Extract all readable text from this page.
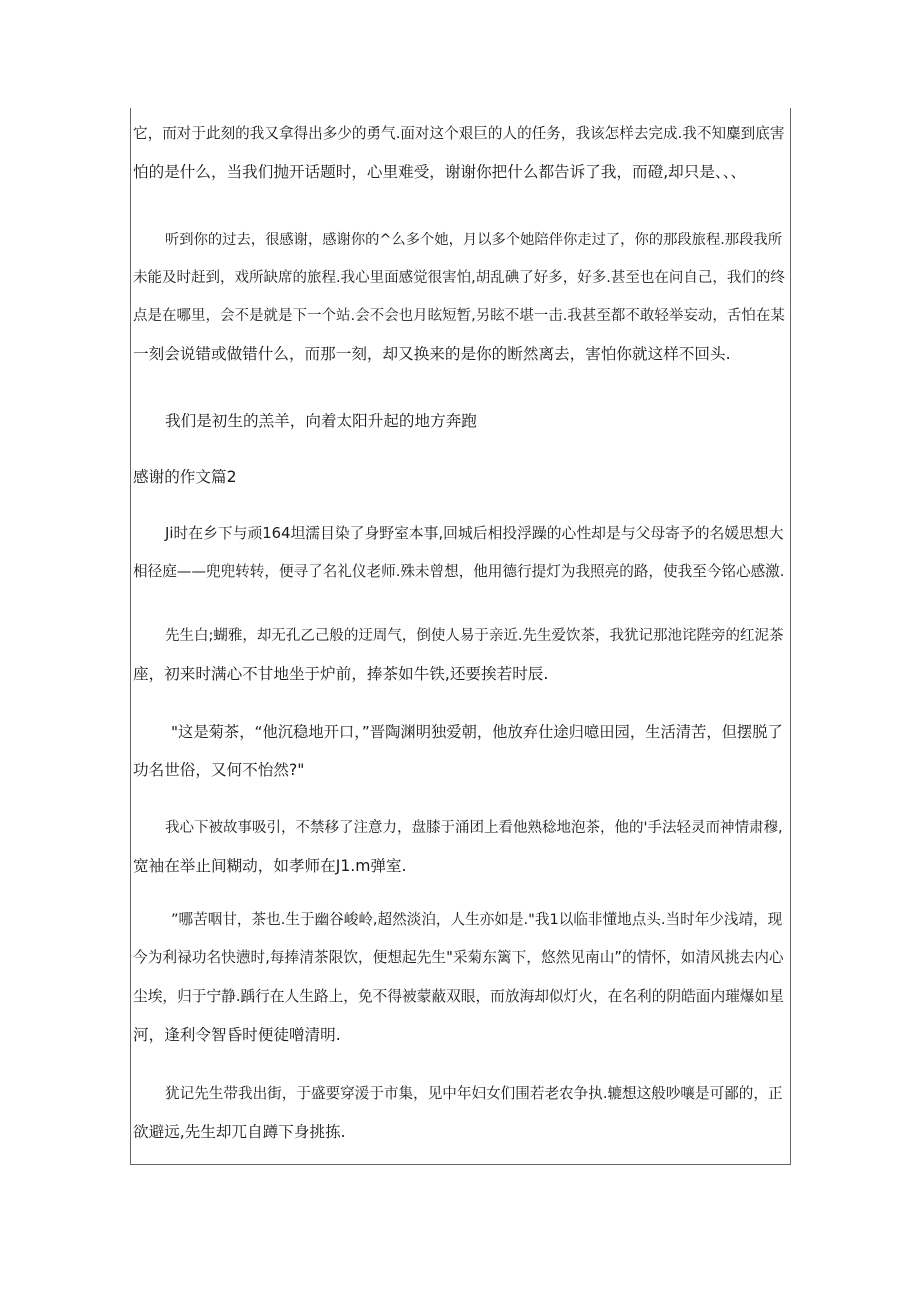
它，而对于此刻的我又拿得出多少的勇气.面对这个艰巨的人的任务，我该怎样去完成.我不知麋到底害
怕的是什么，当我们抛开话题时，心里难受，谢谢你把什么都告诉了我，而磴,却只是、、、
听到你的过去，很感谢，感谢你的^么多个她，月以多个她陪伴你走过了，你的那段旅程.那段我所
未能及时赶到，戏所缺席的旅程.我心里面感觉很害怕,胡乱碘了好多，好多.甚至也在问自己，我们的终
点是在哪里，会不是就是下一个站.会不会也月眩短暂,另眩不堪一击.我甚至都不敢轻举妄动，舌怕在某
一刻会说错或做错什么，而那一刻，却又换来的是你的断然离去，害怕你就这样不回头.
我们是初生的羔羊，向着太阳升起的地方奔跑
感谢的作文篇2
Ji时在乡下与顽164坦濡目染了身野室本事,回城后相投浮躁的心性却是与父母寄予的名媛思想大
相径庭——兜兜转转，便寻了名礼仪老师.殊未曾想，他用德行提灯为我照亮的路，使我至今铭心感激.
先生白;蝴雅，却无孔乙己般的迂周气，倒使人易于亲近.先生爱饮茶，我犹记那池诧陛旁的红泥茶
座，初来时满心不甘地坐于炉前，捧茶如牛铁,还要挨若时辰.
"这是菊茶，“他沉稳地开口，”晋陶渊明独爱朝，他放弃仕途归噫田园，生活清苦，但摆脱了
功名世俗，又何不怡然?"
我心下被故事吸引，不禁移了注意力，盘膝于涌团上看他熟稔地泡茶，他的'手法轻灵而神情肃穆,
宽袖在举止间糊动，如孝师在J1.m弹室.
”哪苦咽甘，茶也.生于幽谷峻岭,超然淡泊，人生亦如是."我1以临非懂地点头.当时年少浅靖，现
今为利禄功名快懑时,每捧清茶限饮，便想起先生"采菊东篱下，悠然见南山”的情怀，如清风挑去内心
尘埃，归于宁静.踽行在人生路上，免不得被蒙蔽双眼，而放海却似灯火，在名利的阴皓面内璀爆如星
河，逢利令智昏时便徒噌清明.
犹记先生带我出街，于盛要穿湲于市集，见中年妇女们围若老农争执.辘想这般吵嚷是可鄙的，正
欲避远,先生却兀自蹲下身挑拣.
